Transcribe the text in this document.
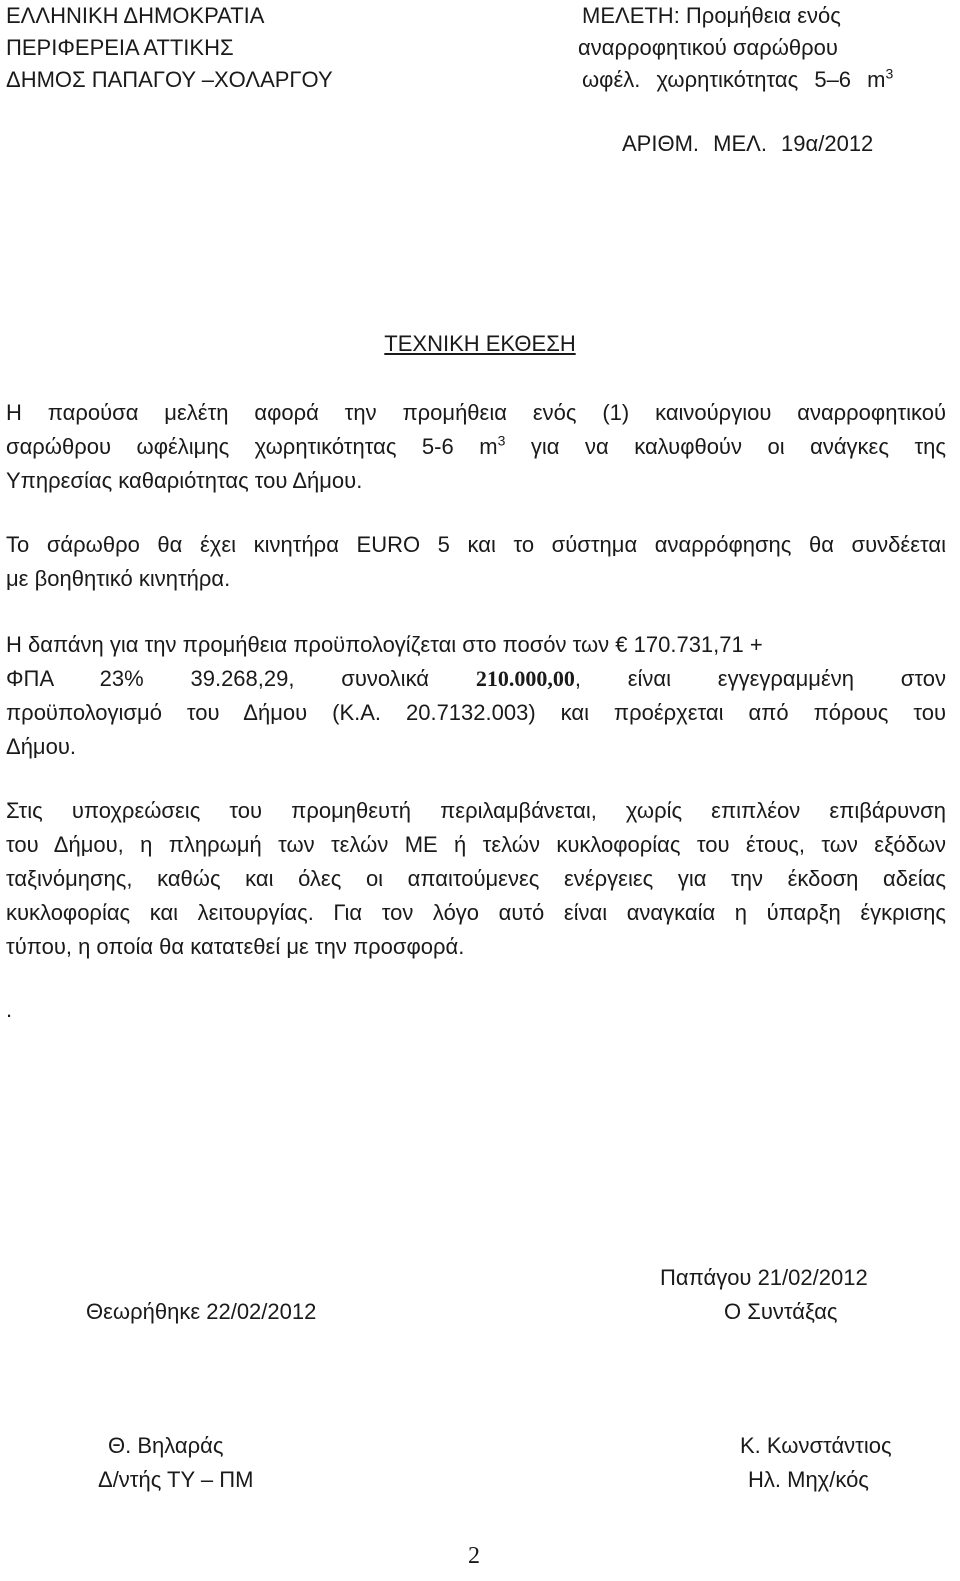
ΕΛΛΗΝΙΚΗ ΔΗΜΟΚΡΑΤΙΑ
ΠΕΡΙΦΕΡΕΙΑ ΑΤΤΙΚΗΣ
ΔΗΜΟΣ ΠΑΠΑΓΟΥ –ΧΟΛΑΡΓΟΥ
ΜΕΛΕΤΗ: Προμήθεια ενός
αναρροφητικού σαρώθρου
ωφέλ. χωρητικότητας 5–6 $m^3$
ΑΡΙΘΜ. ΜΕΛ. 19α/2012
ΤΕΧΝΙΚΗ ΕΚΘΕΣΗ
Η παρούσα μελέτη αφορά την προμήθεια ενός (1) καινούργιου αναρροφητικού
σαρώθρου ωφέλιμης χωρητικότητας 5-6 $m^3$ για να καλυφθούν οι ανάγκες της
Υπηρεσίας καθαριότητας του Δήμου.
Το σάρωθρο θα έχει κινητήρα EURO 5 και το σύστημα αναρρόφησης θα συνδέεται
με βοηθητικό κινητήρα.
Η δαπάνη για την προμήθεια προϋπολογίζεται στο ποσόν των € 170.731,71 +
ΦΠΑ 23% 39.268,29, συνολικά 210.000,00, είναι εγγεγραμμένη στον
προϋπολογισμό του Δήμου (Κ.Α. 20.7132.003) και προέρχεται από πόρους του
Δήμου.
Στις υποχρεώσεις του προμηθευτή περιλαμβάνεται, χωρίς επιπλέον επιβάρυνση
του Δήμου, η πληρωμή των τελών ΜΕ ή τελών κυκλοφορίας του έτους, των εξόδων
ταξινόμησης, καθώς και όλες οι απαιτούμενες ενέργειες για την έκδοση αδείας
κυκλοφορίας και λειτουργίας. Για τον λόγο αυτό είναι αναγκαία η ύπαρξη έγκρισης
τύπου, η οποία θα κατατεθεί με την προσφορά.
.
Παπάγου 21/02/2012
Θεωρήθηκε 22/02/2012	Ο Συντάξας
Θ. Βηλαράς
Δ/ντής ΤΥ – ΠΜ
Κ. Κωνστάντιος
Ηλ. Μηχ/κός
2
